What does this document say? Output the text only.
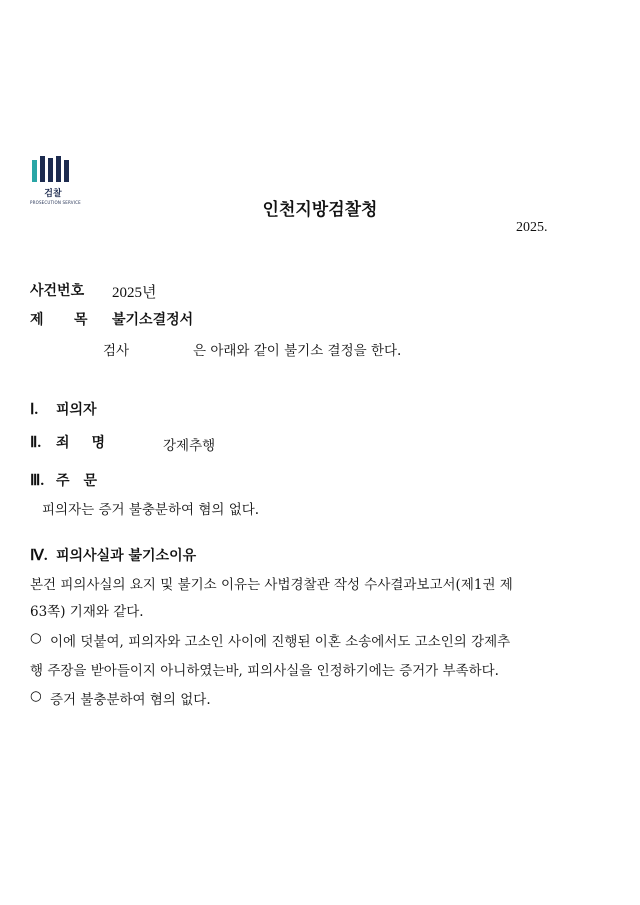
검찰
PROSECUTION SERVICE	인천지방검찰청
2025.
사건번호 2025년
제 목 불기소결정서
검사	은 아래와 같이 불기소 결정을 한다.
Ⅰ. 피의자
Ⅱ. 죄 명	강제추행
Ⅲ. 주 문
피의자는 증거 불충분하여 혐의 없다.
Ⅳ. 피의사실과 불기소이유
본건 피의사실의 요지 및 불기소 이유는 사법경찰관 작성 수사결과보고서(제1권 제
63쪽) 기재와 같다.
○ 이에 덧붙여, 피의자와 고소인 사이에 진행된 이혼 소송에서도 고소인의 강제추
행 주장을 받아들이지 아니하였는바, 피의사실을 인정하기에는 증거가 부족하다.
○ 증거 불충분하여 혐의 없다.
